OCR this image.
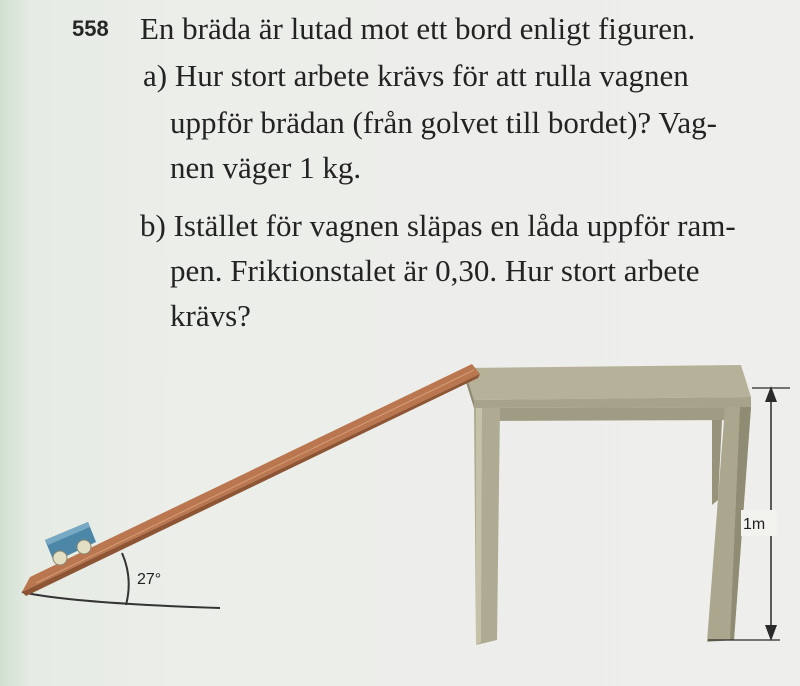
558 En bräda är lutad mot ett bord enligt figuren.
a) Hur stort arbete krävs för att rulla vagnen
uppför brädan (från golvet till bordet)? Vag-
nen väger 1 kg.
b) Istället för vagnen släpas en låda uppför ram-
pen. Friktionstalet är 0,30. Hur stort arbete
krävs?
27°
1m
